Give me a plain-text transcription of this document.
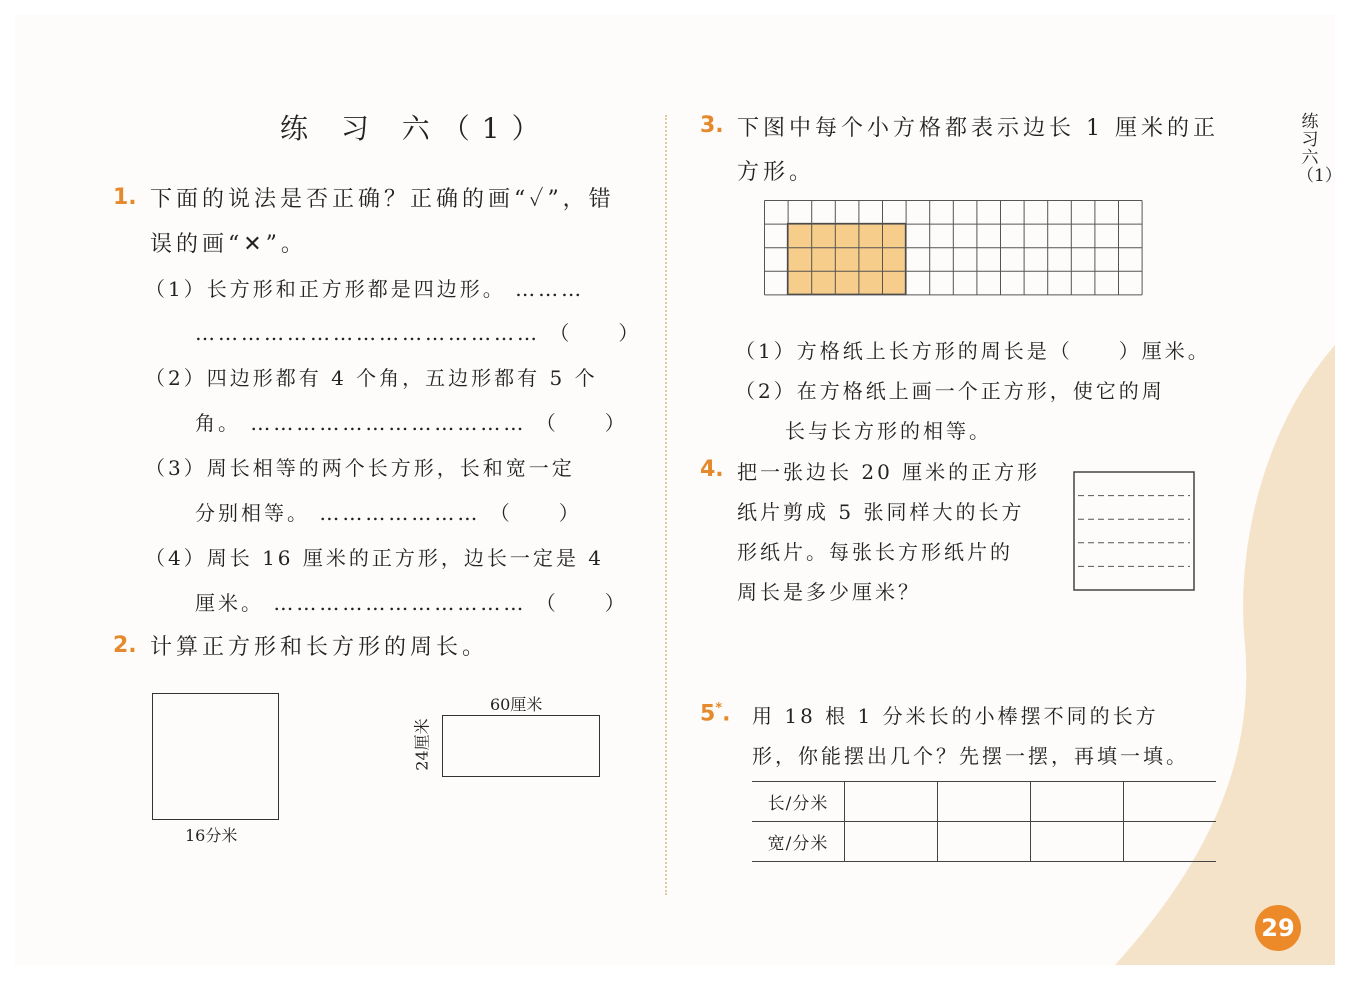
练 习 六（1）
1. 下面的说法是否正确？正确的画“✓”，错
误的画“✕”。
（1）长方形和正方形都是四边形。 ………
……………………………………… （　　）
（2）四边形都有 4 个角，五边形都有 5 个
角。 ……………………………… （　　）
（3）周长相等的两个长方形，长和宽一定
分别相等。 ………………… （　　）
（4）周长 16 厘米的正方形，边长一定是 4
厘米。 …………………………… （　　）
2. 计算正方形和长方形的周长。
16分米
60厘米
24厘米
3. 下图中每个小方格都表示边长 1 厘米的正
方形。
（1）方格纸上长方形的周长是（　　）厘米。
（2）在方格纸上画一个正方形，使它的周
长与长方形的相等。
4. 把一张边长 20 厘米的正方形
纸片剪成 5 张同样大的长方
形纸片。每张长方形纸片的
周长是多少厘米？
5*. 用 18 根 1 分米长的小棒摆不同的长方
形，你能摆出几个？先摆一摆，再填一填。
长/分米				
宽/分米				
练习六（1）
29
